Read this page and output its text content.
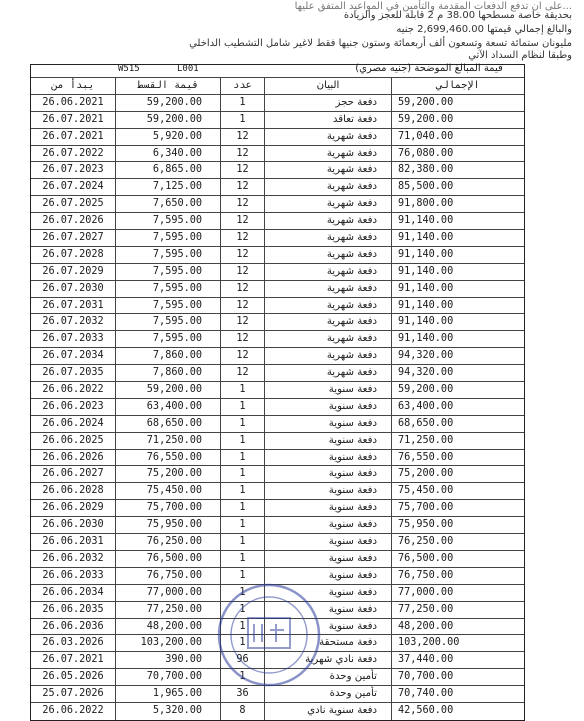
...على ان تدفع الدفعات المقدمة والتأمين في المواعيد المتفق عليها
بحديقة خاصة مسطحها 38.00 م 2 قابلة للعجز والزيادة
والبالغ إجمالي قيمتها 2,699,460.00 جنيه
مليونان ستمائة تسعة وتسعون ألف أربعمائة وستون جنيها فقط لاغير شامل التشطيب الداخلي
وطبقا لنظام السداد الآتي
W515	L001	قيمة المبالغ الموضحة (جنيه مصري)
يبدأ من	قيمة القسط	عدد	البيان	الإجمالي
26.06.2021	59,200.00	1	دفعة حجز	59,200.00
26.07.2021	59,200.00	1	دفعة تعاقد	59,200.00
26.07.2021	5,920.00	12	دفعة شهرية	71,040.00
26.07.2022	6,340.00	12	دفعة شهرية	76,080.00
26.07.2023	6,865.00	12	دفعة شهرية	82,380.00
26.07.2024	7,125.00	12	دفعة شهرية	85,500.00
26.07.2025	7,650.00	12	دفعة شهرية	91,800.00
26.07.2026	7,595.00	12	دفعة شهرية	91,140.00
26.07.2027	7,595.00	12	دفعة شهرية	91,140.00
26.07.2028	7,595.00	12	دفعة شهرية	91,140.00
26.07.2029	7,595.00	12	دفعة شهرية	91,140.00
26.07.2030	7,595.00	12	دفعة شهرية	91,140.00
26.07.2031	7,595.00	12	دفعة شهرية	91,140.00
26.07.2032	7,595.00	12	دفعة شهرية	91,140.00
26.07.2033	7,595.00	12	دفعة شهرية	91,140.00
26.07.2034	7,860.00	12	دفعة شهرية	94,320.00
26.07.2035	7,860.00	12	دفعة شهرية	94,320.00
26.06.2022	59,200.00	1	دفعة سنوية	59,200.00
26.06.2023	63,400.00	1	دفعة سنوية	63,400.00
26.06.2024	68,650.00	1	دفعة سنوية	68,650.00
26.06.2025	71,250.00	1	دفعة سنوية	71,250.00
26.06.2026	76,550.00	1	دفعة سنوية	76,550.00
26.06.2027	75,200.00	1	دفعة سنوية	75,200.00
26.06.2028	75,450.00	1	دفعة سنوية	75,450.00
26.06.2029	75,700.00	1	دفعة سنوية	75,700.00
26.06.2030	75,950.00	1	دفعة سنوية	75,950.00
26.06.2031	76,250.00	1	دفعة سنوية	76,250.00
26.06.2032	76,500.00	1	دفعة سنوية	76,500.00
26.06.2033	76,750.00	1	دفعة سنوية	76,750.00
26.06.2034	77,000.00	1	دفعة سنوية	77,000.00
26.06.2035	77,250.00	1	دفعة سنوية	77,250.00
26.06.2036	48,200.00	1	دفعة سنوية	48,200.00
26.03.2026	103,200.00	1	دفعة مستحقة	103,200.00
26.07.2021	390.00	96	دفعة نادي شهرية	37,440.00
26.05.2026	70,700.00	1	تأمين وحدة	70,700.00
25.07.2026	1,965.00	36	تأمين وحدة	70,740.00
26.06.2022	5,320.00	8	دفعة سنوية نادي	42,560.00
